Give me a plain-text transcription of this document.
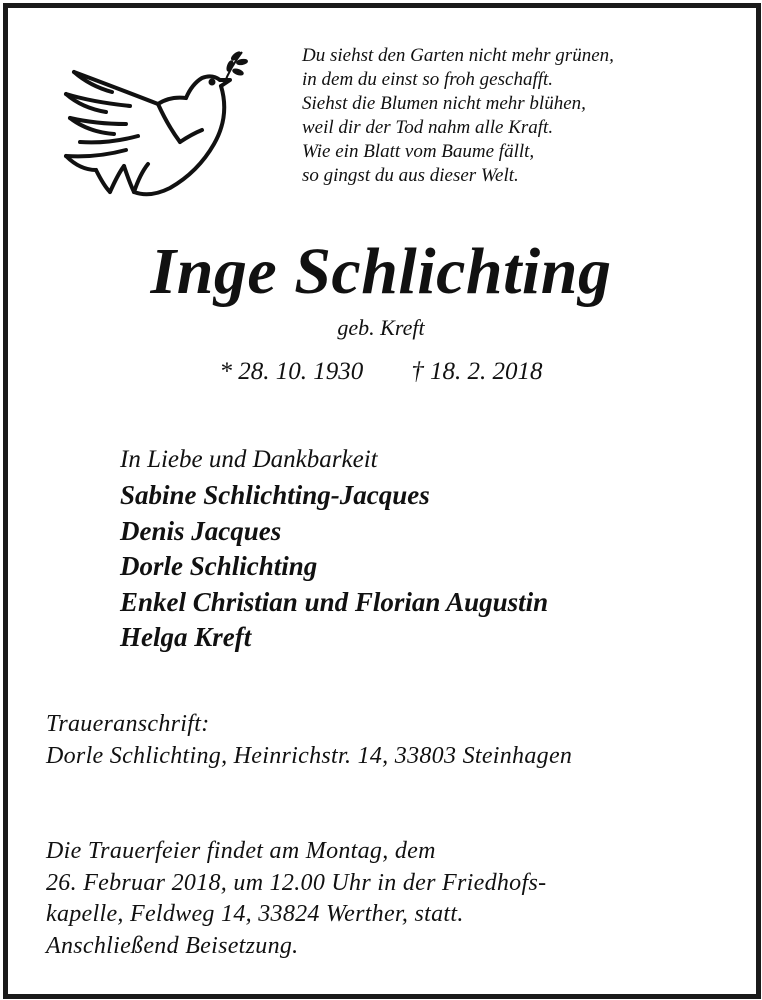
Du siehst den Garten nicht mehr grünen,
in dem du einst so froh geschafft.
Siehst die Blumen nicht mehr blühen,
weil dir der Tod nahm alle Kraft.
Wie ein Blatt vom Baume fällt,
so gingst du aus dieser Welt.
Inge Schlichting
geb. Kreft
* 28. 10. 1930 † 18. 2. 2018
In Liebe und Dankbarkeit
Sabine Schlichting-Jacques
Denis Jacques
Dorle Schlichting
Enkel Christian und Florian Augustin
Helga Kreft
Traueranschrift:
Dorle Schlichting, Heinrichstr. 14, 33803 Steinhagen
Die Trauerfeier findet am Montag, dem
26. Februar 2018, um 12.00 Uhr in der Friedhofs-
kapelle, Feldweg 14, 33824 Werther, statt.
Anschließend Beisetzung.
